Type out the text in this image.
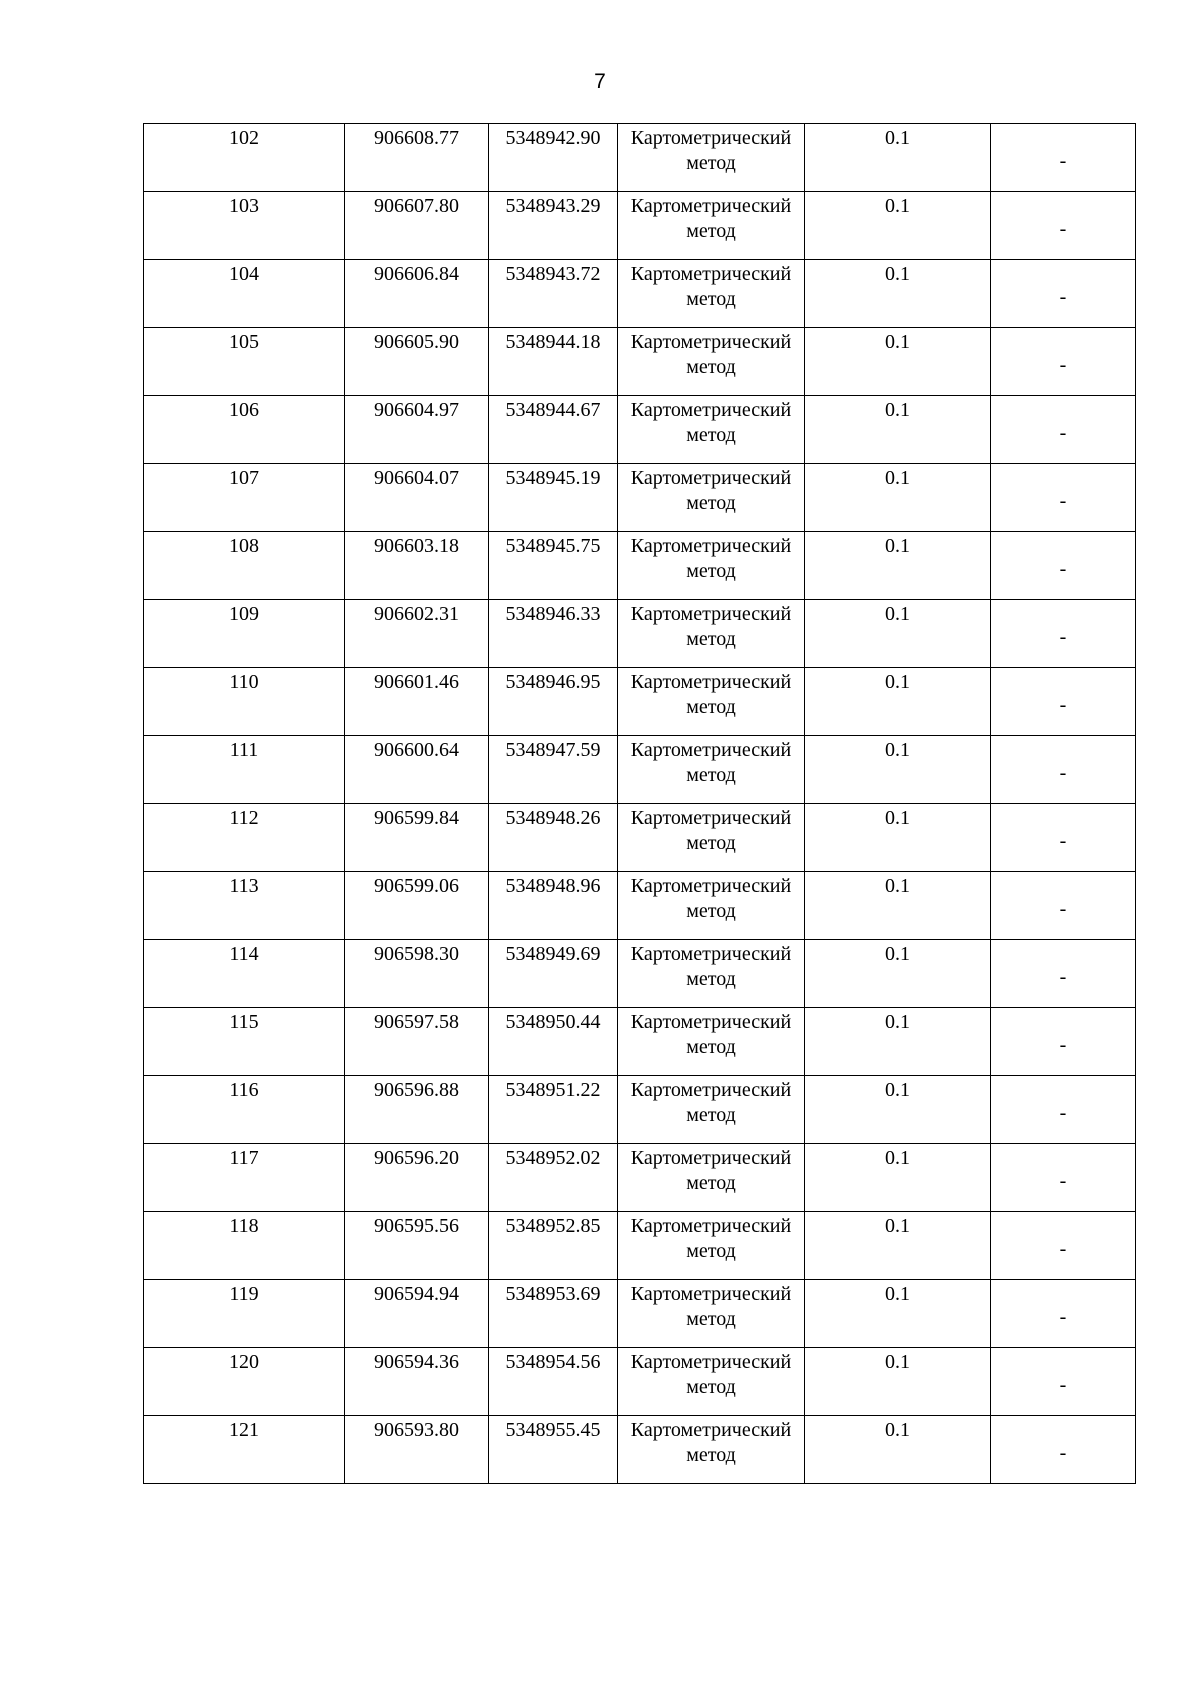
7
102	906608.77	5348942.90	Картометрический метод	0.1	-
103	906607.80	5348943.29	Картометрический метод	0.1	-
104	906606.84	5348943.72	Картометрический метод	0.1	-
105	906605.90	5348944.18	Картометрический метод	0.1	-
106	906604.97	5348944.67	Картометрический метод	0.1	-
107	906604.07	5348945.19	Картометрический метод	0.1	-
108	906603.18	5348945.75	Картометрический метод	0.1	-
109	906602.31	5348946.33	Картометрический метод	0.1	-
110	906601.46	5348946.95	Картометрический метод	0.1	-
111	906600.64	5348947.59	Картометрический метод	0.1	-
112	906599.84	5348948.26	Картометрический метод	0.1	-
113	906599.06	5348948.96	Картометрический метод	0.1	-
114	906598.30	5348949.69	Картометрический метод	0.1	-
115	906597.58	5348950.44	Картометрический метод	0.1	-
116	906596.88	5348951.22	Картометрический метод	0.1	-
117	906596.20	5348952.02	Картометрический метод	0.1	-
118	906595.56	5348952.85	Картометрический метод	0.1	-
119	906594.94	5348953.69	Картометрический метод	0.1	-
120	906594.36	5348954.56	Картометрический метод	0.1	-
121	906593.80	5348955.45	Картометрический метод	0.1	-
